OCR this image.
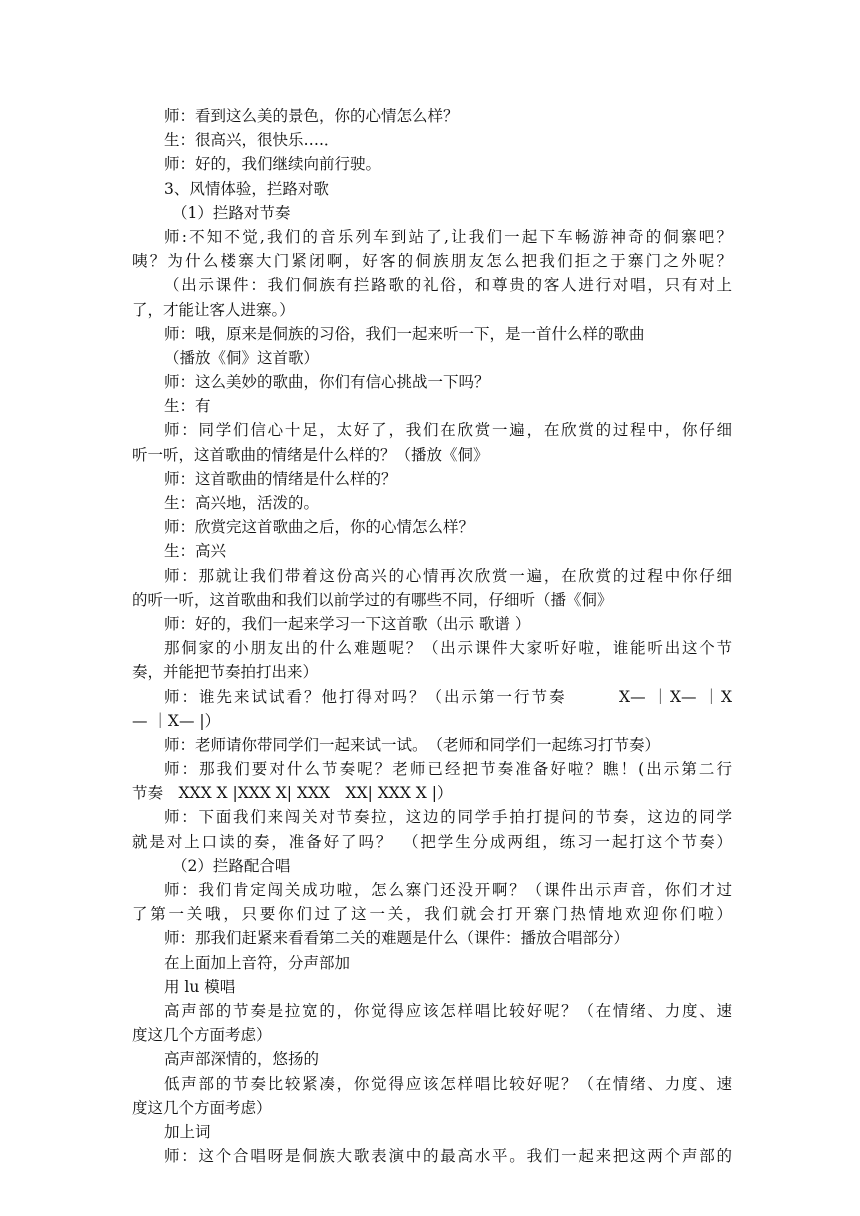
师：看到这么美的景色，你的心情怎么样？
生：很高兴，很快乐….．
师：好的，我们继续向前行驶。
3、风情体验，拦路对歌
（1）拦路对节奏
师:不知不觉,我们的音乐列车到站了,让我们一起下车畅游神奇的侗寨吧？
咦？为什么楼寨大门紧闭啊，好客的侗族朋友怎么把我们拒之于寨门之外呢？
（出示课件：我们侗族有拦路歌的礼俗，和尊贵的客人进行对唱，只有对上
了，才能让客人进寨。）
师：哦，原来是侗族的习俗，我们一起来听一下，是一首什么样的歌曲
（播放《侗》这首歌）
师：这么美妙的歌曲，你们有信心挑战一下吗？
生：有
师：同学们信心十足，太好了，我们在欣赏一遍，在欣赏的过程中，你仔细
听一听，这首歌曲的情绪是什么样的？（播放《侗》
师：这首歌曲的情绪是什么样的？
生：高兴地，活泼的。
师：欣赏完这首歌曲之后，你的心情怎么样？
生：高兴
师：那就让我们带着这份高兴的心情再次欣赏一遍，在欣赏的过程中你仔细
的听一听，这首歌曲和我们以前学过的有哪些不同，仔细听（播《侗》
师：好的，我们一起来学习一下这首歌（出示 歌谱 ）
那侗家的小朋友出的什么难题呢？（出示课件大家听好啦，谁能听出这个节
奏，并能把节奏拍打出来）
师：谁先来试试看？他打得对吗？（出示第一行节奏　　　X— ｜X— ｜X
— ｜X— |）
师：老师请你带同学们一起来试一试。　（老师和同学们一起练习打节奏）
师：那我们要对什么节奏呢？老师已经把节奏准备好啦？瞧！(出示第二行
节奏　XXX X |XXX X| XXX　XX| XXX X |）
师：下面我们来闯关对节奏拉，这边的同学手拍打提问的节奏，这边的同学
就是对上口读的奏，准备好了吗？　（把学生分成两组，练习一起打这个节奏）
（2）拦路配合唱
师：我们肯定闯关成功啦，怎么寨门还没开啊？（课件出示声音，你们才过
了第一关哦，只要你们过了这一关，我们就会打开寨门热情地欢迎你们啦）
师：那我们赶紧来看看第二关的难题是什么（课件：播放合唱部分）
在上面加上音符，分声部加
用 lu 模唱
高声部的节奏是拉宽的，你觉得应该怎样唱比较好呢？（在情绪、力度、速
度这几个方面考虑）
高声部深情的，悠扬的
低声部的节奏比较紧凑，你觉得应该怎样唱比较好呢？（在情绪、力度、速
度这几个方面考虑）
加上词
师：这个合唱呀是侗族大歌表演中的最高水平。我们一起来把这两个声部的
